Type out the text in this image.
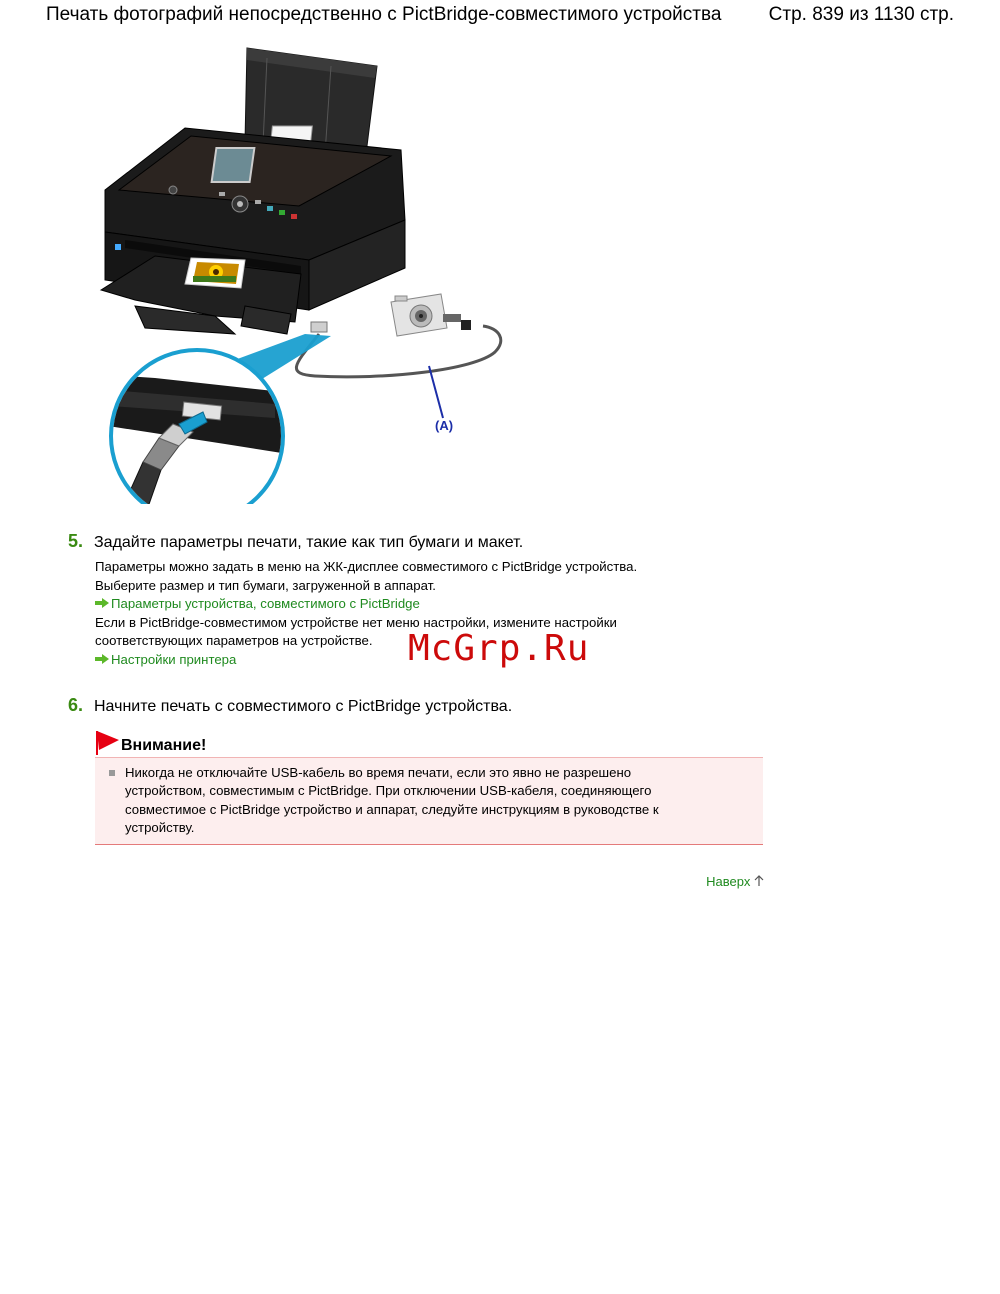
Печать фотографий непосредственно с PictBridge-совместимого устройства Стр. 839 из 1130 стр.
(A)
5. Задайте параметры печати, такие как тип бумаги и макет.
Параметры можно задать в меню на ЖК-дисплее совместимого с PictBridge устройства.
Выберите размер и тип бумаги, загруженной в аппарат.
Параметры устройства, совместимого с PictBridge
Если в PictBridge-совместимом устройстве нет меню настройки, измените настройки
соответствующих параметров на устройстве.
Настройки принтера	McGrp.Ru
6. Начните печать с совместимого с PictBridge устройства.
Внимание!
Никогда не отключайте USB-кабель во время печати, если это явно не разрешено
устройством, совместимым с PictBridge. При отключении USB-кабеля, соединяющего
совместимое с PictBridge устройство и аппарат, следуйте инструкциям в руководстве к
устройству.
Наверх
